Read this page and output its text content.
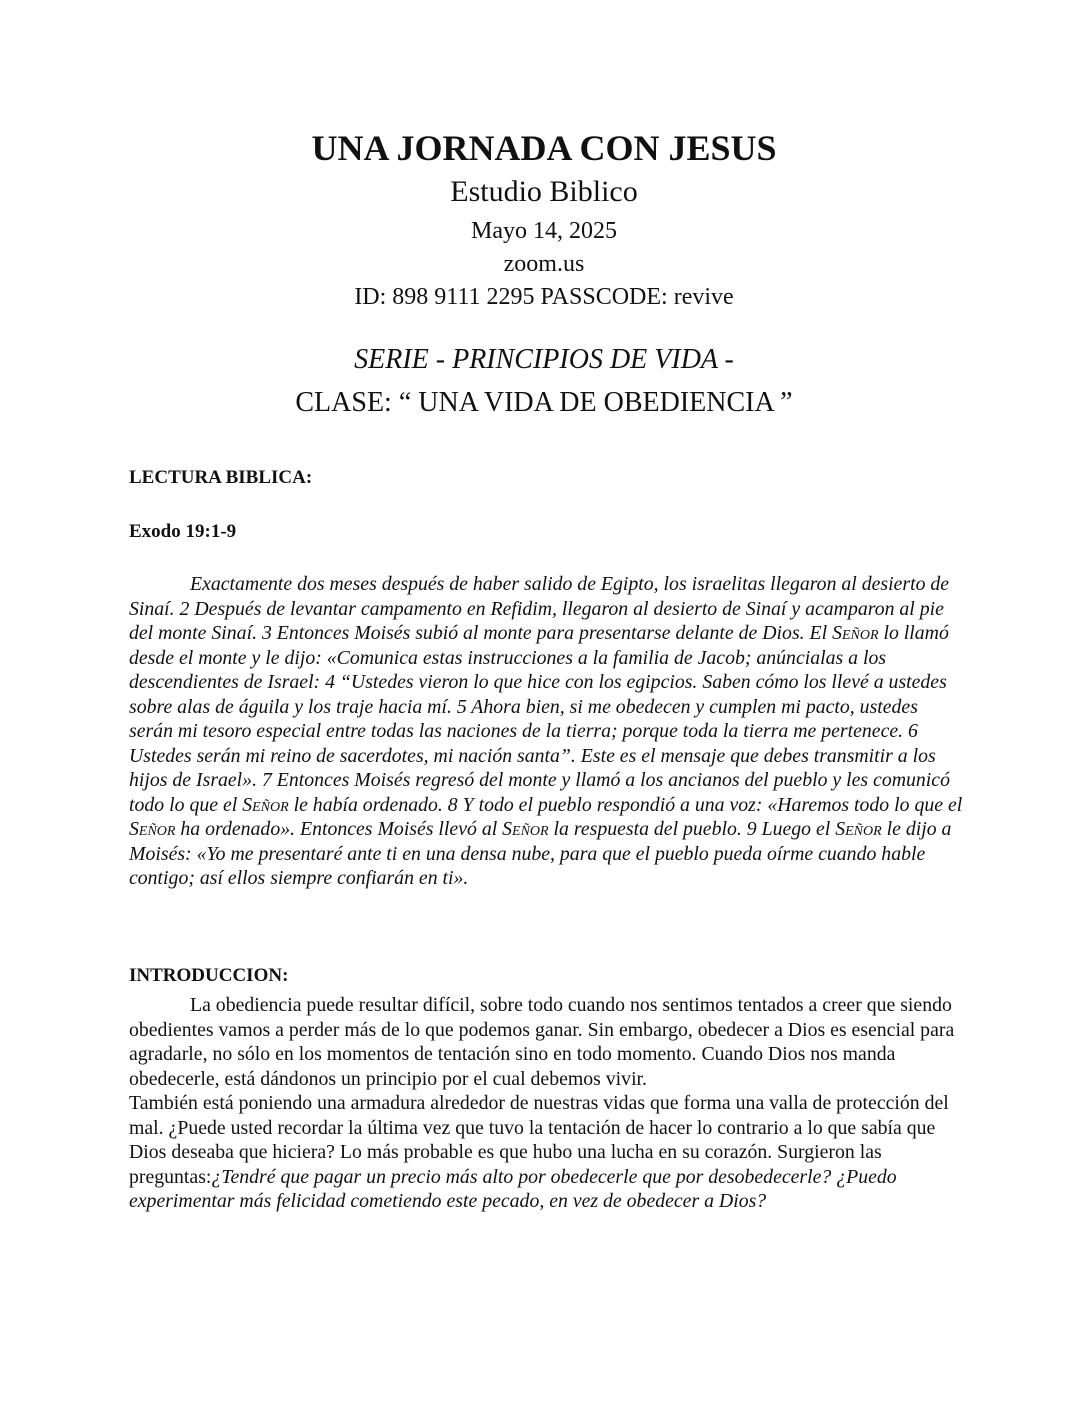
UNA JORNADA CON JESUS
Estudio Biblico
Mayo 14, 2025
zoom.us
ID: 898 9111 2295 PASSCODE: revive
SERIE - PRINCIPIOS DE VIDA -
CLASE: “ UNA VIDA DE OBEDIENCIA ”
LECTURA BIBLICA:
Exodo 19:1-9
Exactamente dos meses después de haber salido de Egipto, los israelitas llegaron al desierto de Sinaí. 2 Después de levantar campamento en Refidim, llegaron al desierto de Sinaí y acamparon al pie del monte Sinaí. 3 Entonces Moisés subió al monte para presentarse delante de Dios. El Señor lo llamó desde el monte y le dijo: «Comunica estas instrucciones a la familia de Jacob; anúncialas a los descendientes de Israel: 4 “Ustedes vieron lo que hice con los egipcios. Saben cómo los llevé a ustedes sobre alas de águila y los traje hacia mí. 5 Ahora bien, si me obedecen y cumplen mi pacto, ustedes serán mi tesoro especial entre todas las naciones de la tierra; porque toda la tierra me pertenece. 6 Ustedes serán mi reino de sacerdotes, mi nación santa”. Este es el mensaje que debes transmitir a los hijos de Israel». 7 Entonces Moisés regresó del monte y llamó a los ancianos del pueblo y les comunicó todo lo que el Señor le había ordenado. 8 Y todo el pueblo respondió a una voz: «Haremos todo lo que el Señor ha ordenado». Entonces Moisés llevó al Señor la respuesta del pueblo. 9 Luego el Señor le dijo a Moisés: «Yo me presentaré ante ti en una densa nube, para que el pueblo pueda oírme cuando hable contigo; así ellos siempre confiarán en ti».
INTRODUCCION:
La obediencia puede resultar difícil, sobre todo cuando nos sentimos tentados a creer que siendo obedientes vamos a perder más de lo que podemos ganar. Sin embargo, obedecer a Dios es esencial para agradarle, no sólo en los momentos de tentación sino en todo momento. Cuando Dios nos manda obedecerle, está dándonos un principio por el cual debemos vivir.
También está poniendo una armadura alrededor de nuestras vidas que forma una valla de protección del mal. ¿Puede usted recordar la última vez que tuvo la tentación de hacer lo contrario a lo que sabía que Dios deseaba que hiciera? Lo más probable es que hubo una lucha en su corazón. Surgieron las preguntas:¿Tendré que pagar un precio más alto por obedecerle que por desobedecerle? ¿Puedo experimentar más felicidad cometiendo este pecado, en vez de obedecer a Dios?
